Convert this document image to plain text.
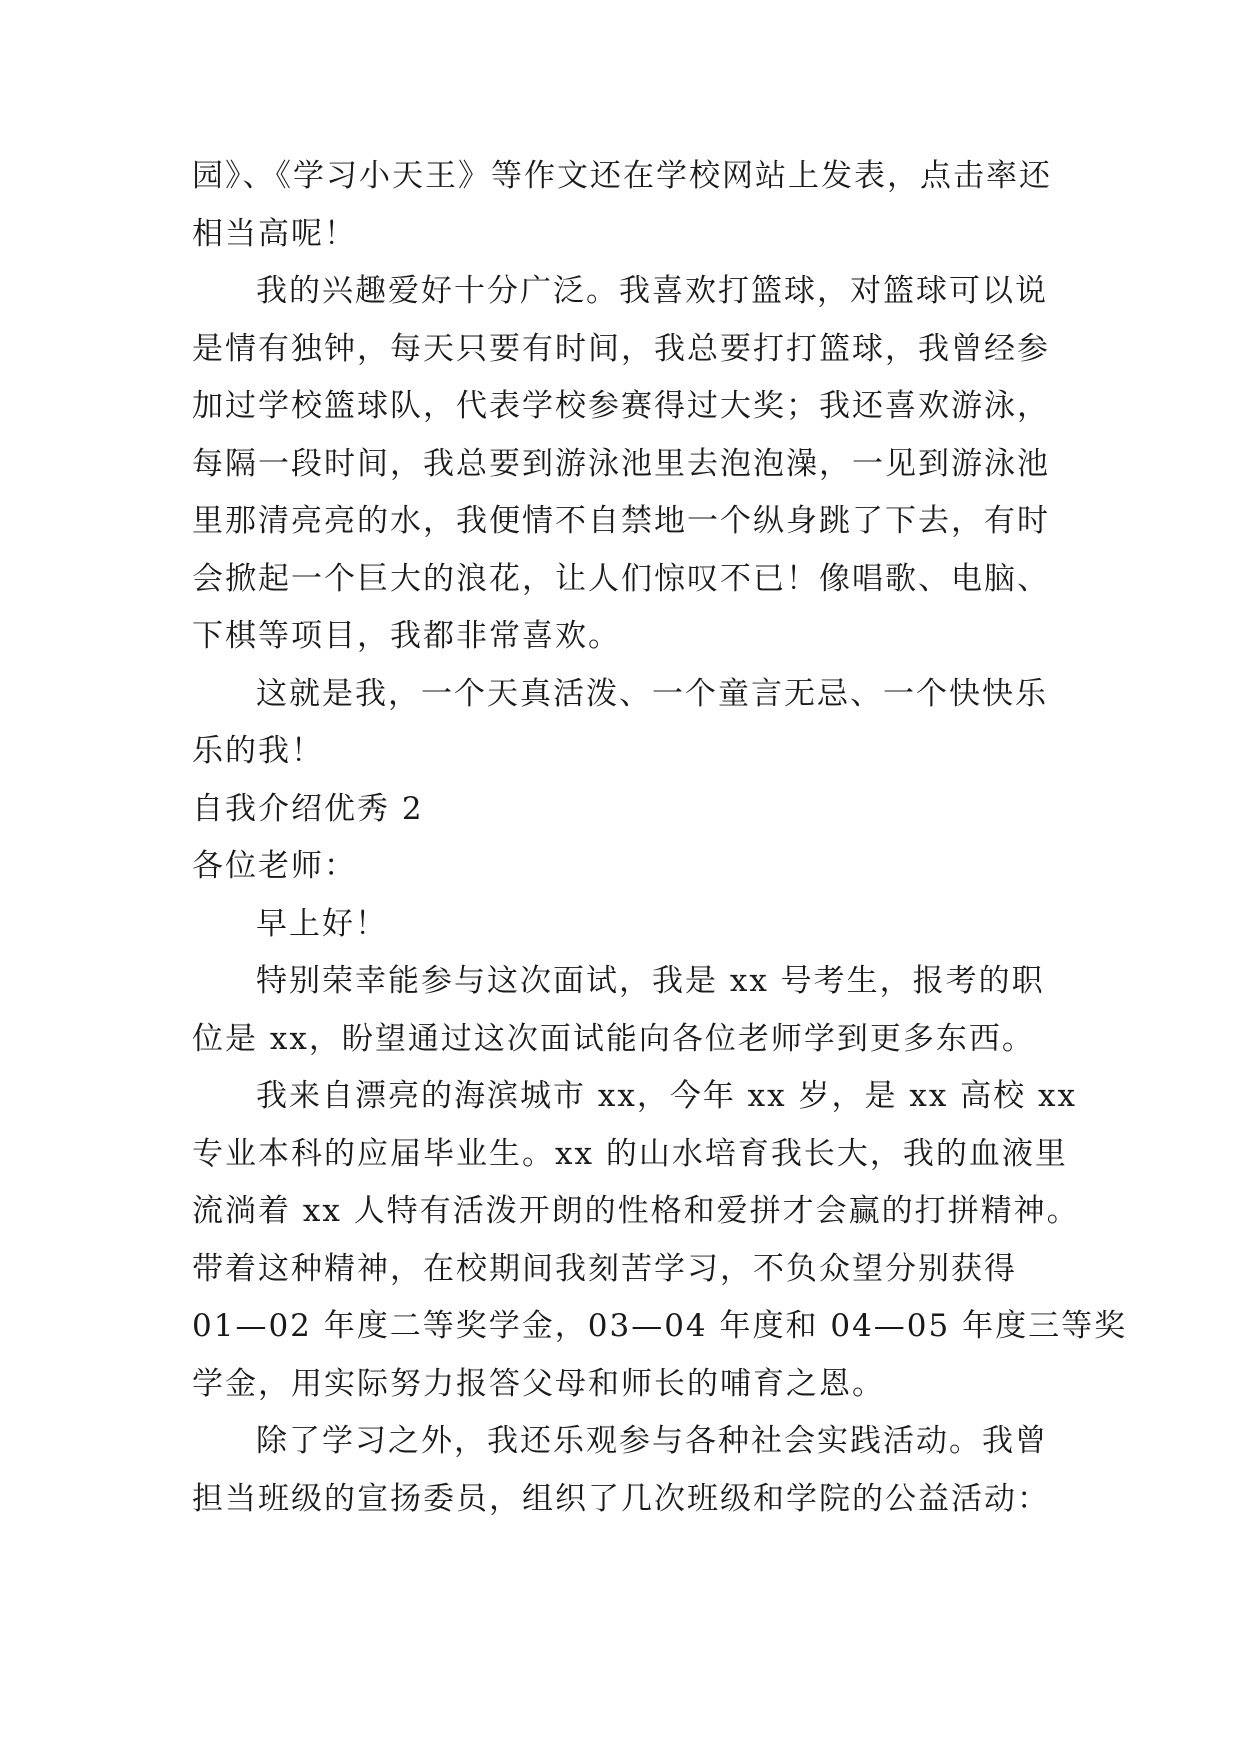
园》、《学习小天王》等作文还在学校网站上发表，点击率还
相当高呢！
我的兴趣爱好十分广泛。我喜欢打篮球，对篮球可以说
是情有独钟，每天只要有时间，我总要打打篮球，我曾经参
加过学校篮球队，代表学校参赛得过大奖；我还喜欢游泳，
每隔一段时间，我总要到游泳池里去泡泡澡，一见到游泳池
里那清亮亮的水，我便情不自禁地一个纵身跳了下去，有时
会掀起一个巨大的浪花，让人们惊叹不已！像唱歌、电脑、
下棋等项目，我都非常喜欢。
这就是我，一个天真活泼、一个童言无忌、一个快快乐
乐的我！
自我介绍优秀 2
各位老师：
早上好！
特别荣幸能参与这次面试，我是 xx 号考生，报考的职
位是 xx，盼望通过这次面试能向各位老师学到更多东西。
我来自漂亮的海滨城市 xx，今年 xx 岁，是 xx 高校 xx
专业本科的应届毕业生。xx 的山水培育我长大，我的血液里
流淌着 xx 人特有活泼开朗的性格和爱拼才会赢的打拼精神。
带着这种精神，在校期间我刻苦学习，不负众望分别获得
01—02 年度二等奖学金，03—04 年度和 04—05 年度三等奖
学金，用实际努力报答父母和师长的哺育之恩。
除了学习之外，我还乐观参与各种社会实践活动。我曾
担当班级的宣扬委员，组织了几次班级和学院的公益活动：
